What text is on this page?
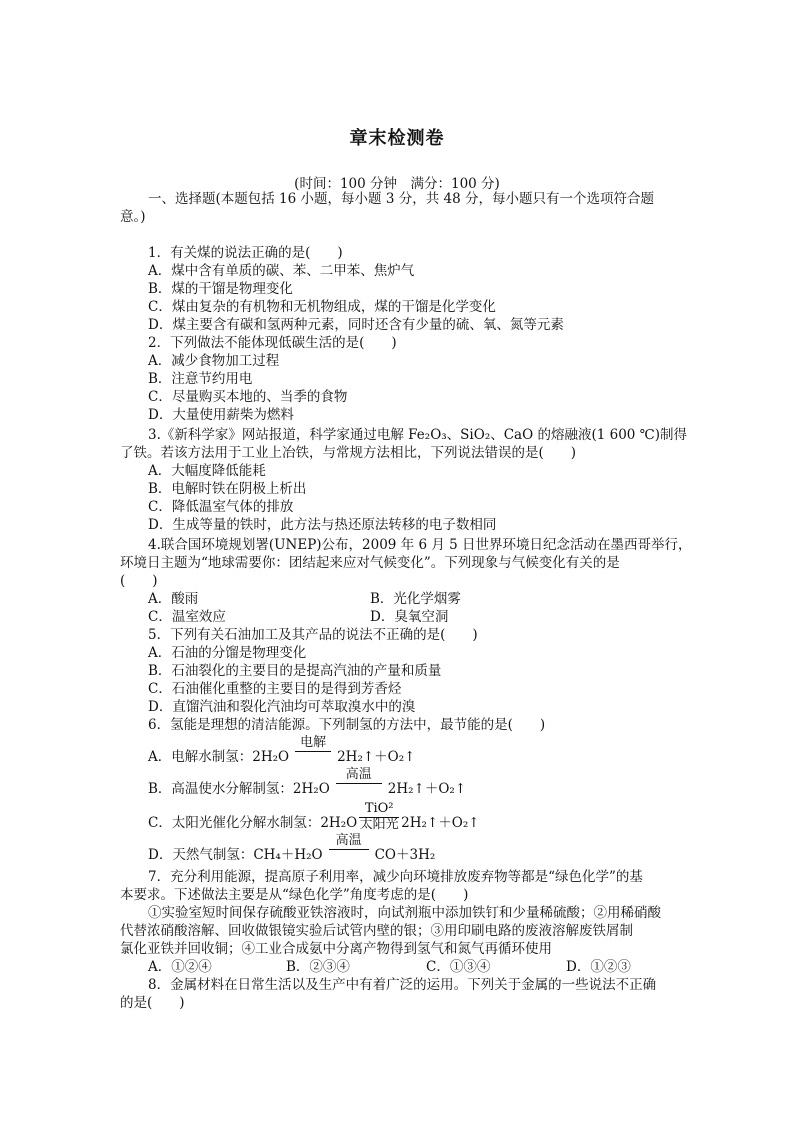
章末检测卷
(时间：100 分钟　满分：100 分)
一、选择题(本题包括 16 小题，每小题 3 分，共 48 分，每小题只有一个选项符合题
意。)
1．有关煤的说法正确的是(　　)
A．煤中含有单质的碳、苯、二甲苯、焦炉气
B．煤的干馏是物理变化
C．煤由复杂的有机物和无机物组成，煤的干馏是化学变化
D．煤主要含有碳和氢两种元素，同时还含有少量的硫、氧、氮等元素
2．下列做法不能体现低碳生活的是(　　)
A．减少食物加工过程
B．注意节约用电
C．尽量购买本地的、当季的食物
D．大量使用薪柴为燃料
3.《新科学家》网站报道，科学家通过电解 Fe₂O₃、SiO₂、CaO 的熔融液(1 600 ℃)制得
了铁。若该方法用于工业上冶铁，与常规方法相比，下列说法错误的是(　　)
A．大幅度降低能耗
B．电解时铁在阴极上析出
C．降低温室气体的排放
D．生成等量的铁时，此方法与热还原法转移的电子数相同
4.联合国环境规划署(UNEP)公布，2009 年 6 月 5 日世界环境日纪念活动在墨西哥举行，
环境日主题为“地球需要你：团结起来应对气候变化”。下列现象与气候变化有关的是
(　　)
A．酸雨	B．光化学烟雾
C．温室效应	D．臭氧空洞
5．下列有关石油加工及其产品的说法不正确的是(　　)
A．石油的分馏是物理变化
B．石油裂化的主要目的是提高汽油的产量和质量
C．石油催化重整的主要目的是得到芳香烃
D．直馏汽油和裂化汽油均可萃取溴水中的溴
6．氢能是理想的清洁能源。下列制氢的方法中，最节能的是(　　)
A．电解水制氢：2H₂O
电解

2H₂↑＋O₂↑
B．高温使水分解制氢：2H₂O
高温

2H₂↑＋O₂↑
C．太阳光催化分解水制氢：2H₂O
TiO²
太阳光 2H₂↑＋O₂↑
D．天然气制氢：CH₄＋H₂O
高温

CO＋3H₂
7．充分利用能源，提高原子利用率，减少向环境排放废弃物等都是“绿色化学”的基
本要求。下述做法主要是从“绿色化学”角度考虑的是(　　)
①实验室短时间保存硫酸亚铁溶液时，向试剂瓶中添加铁钉和少量稀硫酸；②用稀硝酸
代替浓硝酸溶解、回收做银镜实验后试管内壁的银；③用印刷电路的废液溶解废铁屑制
氯化亚铁并回收铜；④工业合成氨中分离产物得到氢气和氮气再循环使用
A．①②④	B．②③④	C．①③④	D．①②③
8．金属材料在日常生活以及生产中有着广泛的运用。下列关于金属的一些说法不正确
的是(　　)
